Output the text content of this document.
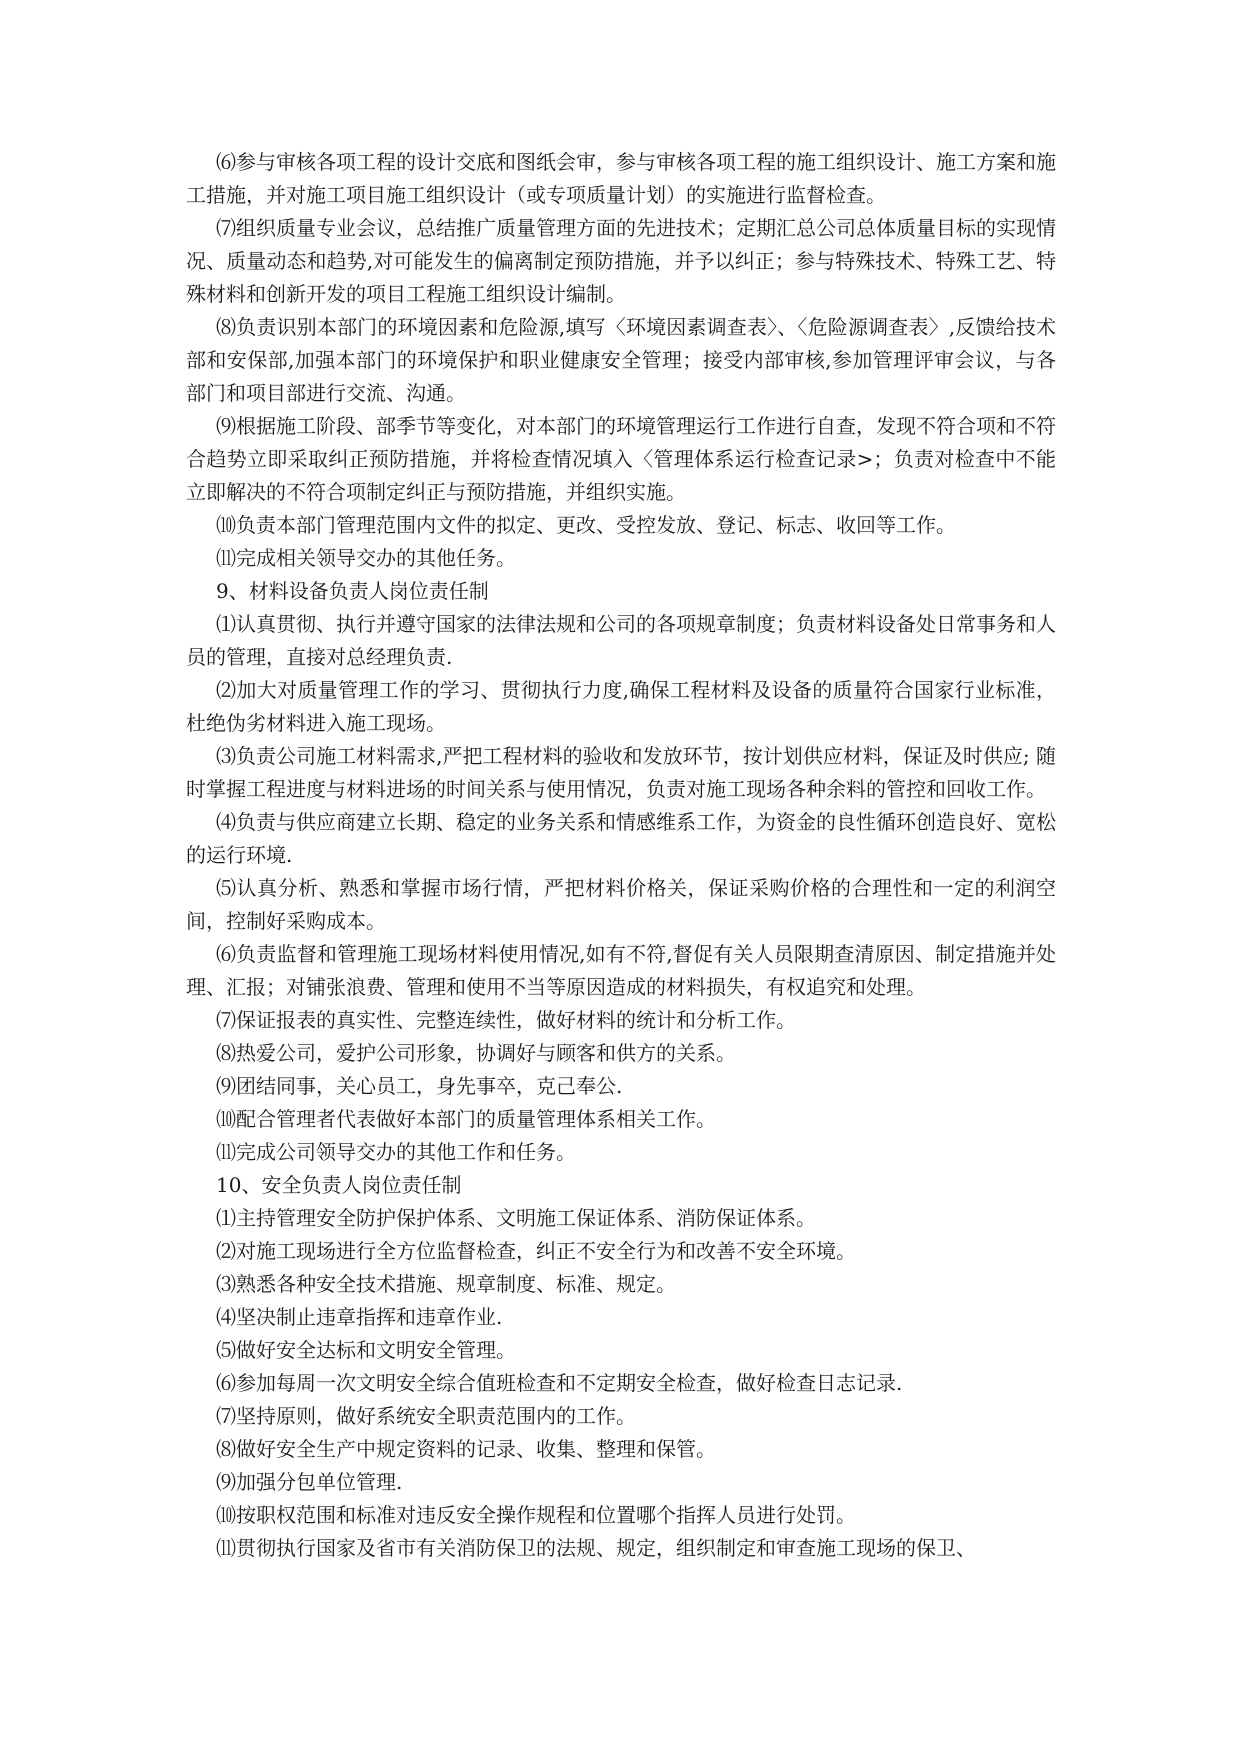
⑹参与审核各项工程的设计交底和图纸会审，参与审核各项工程的施工组织设计、施工方案和施工措施，并对施工项目施工组织设计（或专项质量计划）的实施进行监督检查。

⑺组织质量专业会议，总结推广质量管理方面的先进技术；定期汇总公司总体质量目标的实现情况、质量动态和趋势,对可能发生的偏离制定预防措施，并予以纠正；参与特殊技术、特殊工艺、特殊材料和创新开发的项目工程施工组织设计编制。

⑻负责识别本部门的环境因素和危险源,填写〈环境因素调查表〉、〈危险源调查表〉,反馈给技术部和安保部,加强本部门的环境保护和职业健康安全管理；接受内部审核,参加管理评审会议，与各部门和项目部进行交流、沟通。

⑼根据施工阶段、部季节等变化，对本部门的环境管理运行工作进行自查，发现不符合项和不符合趋势立即采取纠正预防措施，并将检查情况填入〈管理体系运行检查记录>；负责对检查中不能立即解决的不符合项制定纠正与预防措施，并组织实施。

⑽负责本部门管理范围内文件的拟定、更改、受控发放、登记、标志、收回等工作。

⑾完成相关领导交办的其他任务。

9、材料设备负责人岗位责任制

⑴认真贯彻、执行并遵守国家的法律法规和公司的各项规章制度；负责材料设备处日常事务和人员的管理，直接对总经理负责.

⑵加大对质量管理工作的学习、贯彻执行力度,确保工程材料及设备的质量符合国家行业标准，杜绝伪劣材料进入施工现场。

⑶负责公司施工材料需求,严把工程材料的验收和发放环节，按计划供应材料，保证及时供应; 随时掌握工程进度与材料进场的时间关系与使用情况，负责对施工现场各种余料的管控和回收工作。

⑷负责与供应商建立长期、稳定的业务关系和情感维系工作，为资金的良性循环创造良好、宽松的运行环境.

⑸认真分析、熟悉和掌握市场行情，严把材料价格关，保证采购价格的合理性和一定的利润空间，控制好采购成本。

⑹负责监督和管理施工现场材料使用情况,如有不符,督促有关人员限期查清原因、制定措施并处理、汇报；对铺张浪费、管理和使用不当等原因造成的材料损失，有权追究和处理。

⑺保证报表的真实性、完整连续性，做好材料的统计和分析工作。

⑻热爱公司，爱护公司形象，协调好与顾客和供方的关系。

⑼团结同事，关心员工，身先事卒，克己奉公.

⑽配合管理者代表做好本部门的质量管理体系相关工作。

⑾完成公司领导交办的其他工作和任务。

10、安全负责人岗位责任制

⑴主持管理安全防护保护体系、文明施工保证体系、消防保证体系。

⑵对施工现场进行全方位监督检查，纠正不安全行为和改善不安全环境。

⑶熟悉各种安全技术措施、规章制度、标准、规定。

⑷坚决制止违章指挥和违章作业.

⑸做好安全达标和文明安全管理。

⑹参加每周一次文明安全综合值班检查和不定期安全检查，做好检查日志记录.

⑺坚持原则，做好系统安全职责范围内的工作。

⑻做好安全生产中规定资料的记录、收集、整理和保管。

⑼加强分包单位管理.

⑽按职权范围和标准对违反安全操作规程和位置哪个指挥人员进行处罚。

⑾贯彻执行国家及省市有关消防保卫的法规、规定，组织制定和审查施工现场的保卫、
